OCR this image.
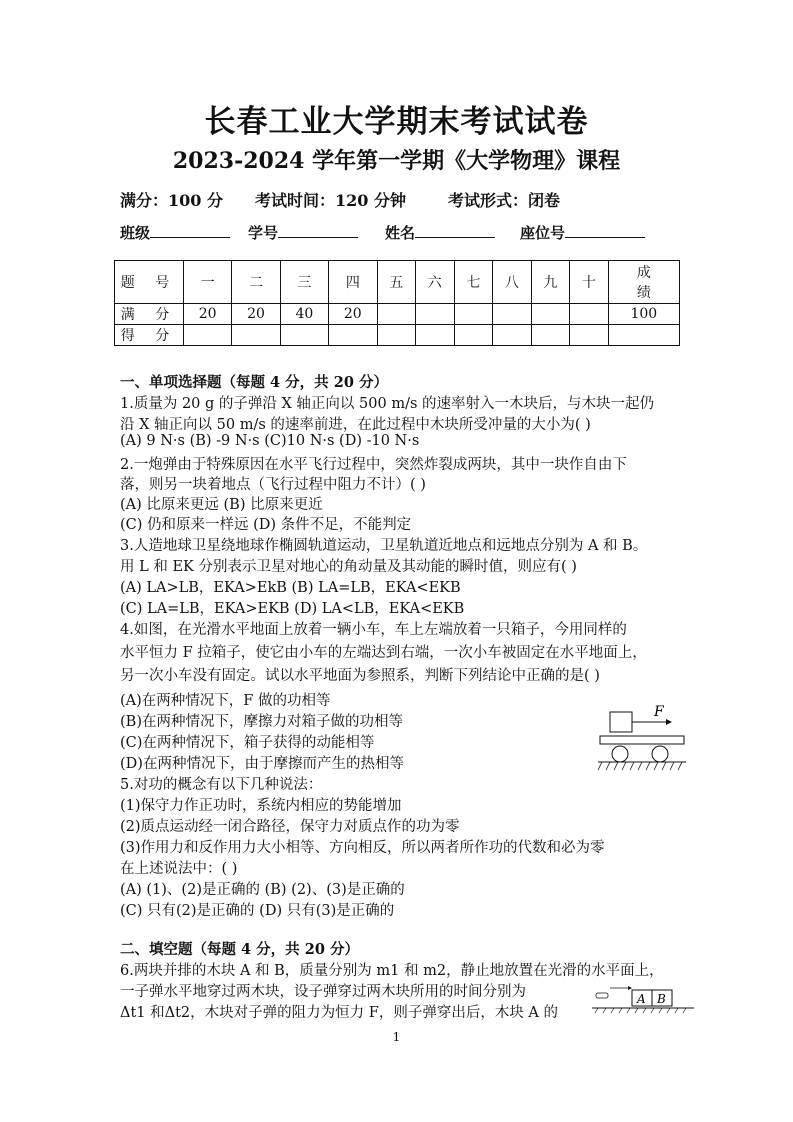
长春工业大学期末考试试卷
2023-2024 学年第一学期《大学物理》课程
满分：100 分 考试时间：120 分钟	考试形式：闭卷
班级	学号	姓名	座位号
题 号	一	二	三	四	五	六	七	八	九	十	成
绩
满 分	20	20	40	20							100
得 分											
一、单项选择题（每题 4 分，共 20 分）
1.质量为 20 g 的子弹沿 X 轴正向以 500 m/s 的速率射入一木块后，与木块一起仍
沿 X 轴正向以 50 m/s 的速率前进，在此过程中木块所受冲量的大小为( )
(A) 9 N·s (B) -9 N·s (C)10 N·s (D) -10 N·s
2.一炮弹由于特殊原因在水平飞行过程中，突然炸裂成两块，其中一块作自由下
落，则另一块着地点（飞行过程中阻力不计）( )
(A) 比原来更远 (B) 比原来更近
(C) 仍和原来一样远 (D) 条件不足，不能判定
3.人造地球卫星绕地球作椭圆轨道运动，卫星轨道近地点和远地点分别为 A 和 B。
用 L 和 EK 分别表示卫星对地心的角动量及其动能的瞬时值，则应有( )
(A) LA>LB，EKA>EkB (B) LA=LB，EKA<EKB
(C) LA=LB，EKA>EKB (D) LA<LB，EKA<EKB
4.如图，在光滑水平地面上放着一辆小车，车上左端放着一只箱子，今用同样的
水平恒力 F 拉箱子，使它由小车的左端达到右端，一次小车被固定在水平地面上，
另一次小车没有固定。试以水平地面为参照系，判断下列结论中正确的是( )
(A)在两种情况下，F 做的功相等
(B)在两种情况下，摩擦力对箱子做的功相等
(C)在两种情况下，箱子获得的动能相等
(D)在两种情况下，由于摩擦而产生的热相等
5.对功的概念有以下几种说法：
(1)保守力作正功时，系统内相应的势能增加
(2)质点运动经一闭合路径，保守力对质点作的功为零
(3)作用力和反作用力大小相等、方向相反，所以两者所作功的代数和必为零
在上述说法中：( )
(A) (1)、(2)是正确的 (B) (2)、(3)是正确的
(C) 只有(2)是正确的 (D) 只有(3)是正确的
二、填空题（每题 4 分，共 20 分）
6.两块并排的木块 A 和 B，质量分别为 m1 和 m2，静止地放置在光滑的水平面上，
一子弹水平地穿过两木块，设子弹穿过两木块所用的时间分别为
Δt1 和Δt2，木块对子弹的阻力为恒力 F，则子弹穿出后，木块 A 的
F
A B
1
